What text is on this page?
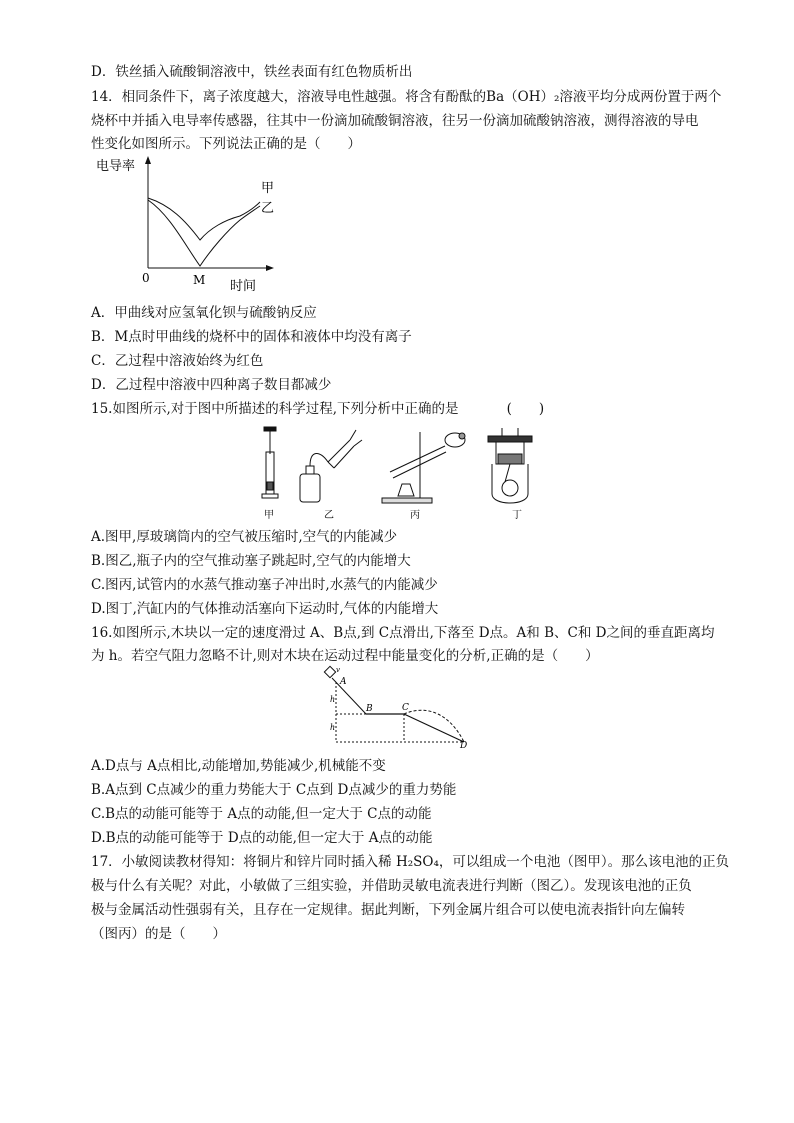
D．铁丝插入硫酸铜溶液中，铁丝表面有红色物质析出
14．相同条件下，离子浓度越大，溶液导电性越强。将含有酚酞的Ba（OH）₂溶液平均分成两份置于两个
烧杯中并插入电导率传感器，往其中一份滴加硫酸铜溶液，往另一份滴加硫酸钠溶液，测得溶液的导电
性变化如图所示。下列说法正确的是（　　）
电导率
时间
0	M
甲
乙
A．甲曲线对应氢氧化钡与硫酸钠反应
B．M点时甲曲线的烧杯中的固体和液体中均没有离子
C．乙过程中溶液始终为红色
D．乙过程中溶液中四种离子数目都减少
15.如图所示,对于图中所描述的科学过程,下列分析中正确的是	(　　)
甲	乙	丙	丁
A.图甲,厚玻璃筒内的空气被压缩时,空气的内能减少
B.图乙,瓶子内的空气推动塞子跳起时,空气的内能增大
C.图丙,试管内的水蒸气推动塞子冲出时,水蒸气的内能减少
D.图丁,汽缸内的气体推动活塞向下运动时,气体的内能增大
16.如图所示,木块以一定的速度滑过 A、B点,到 C点滑出,下落至 D点。A和 B、C和 D之间的垂直距离均
为 h。若空气阻力忽略不计,则对木块在运动过程中能量变化的分析,正确的是（　　）
A
B	C
D
h
h
v
A.D点与 A点相比,动能增加,势能减少,机械能不变
B.A点到 C点减少的重力势能大于 C点到 D点减少的重力势能
C.B点的动能可能等于 A点的动能,但一定大于 C点的动能
D.B点的动能可能等于 D点的动能,但一定大于 A点的动能
17．小敏阅读教材得知：将铜片和锌片同时插入稀 H₂SO₄，可以组成一个电池（图甲）。那么该电池的正负
极与什么有关呢？对此，小敏做了三组实验，并借助灵敏电流表进行判断（图乙）。发现该电池的正负
极与金属活动性强弱有关，且存在一定规律。据此判断，下列金属片组合可以使电流表指针向左偏转
（图丙）的是（　　）
